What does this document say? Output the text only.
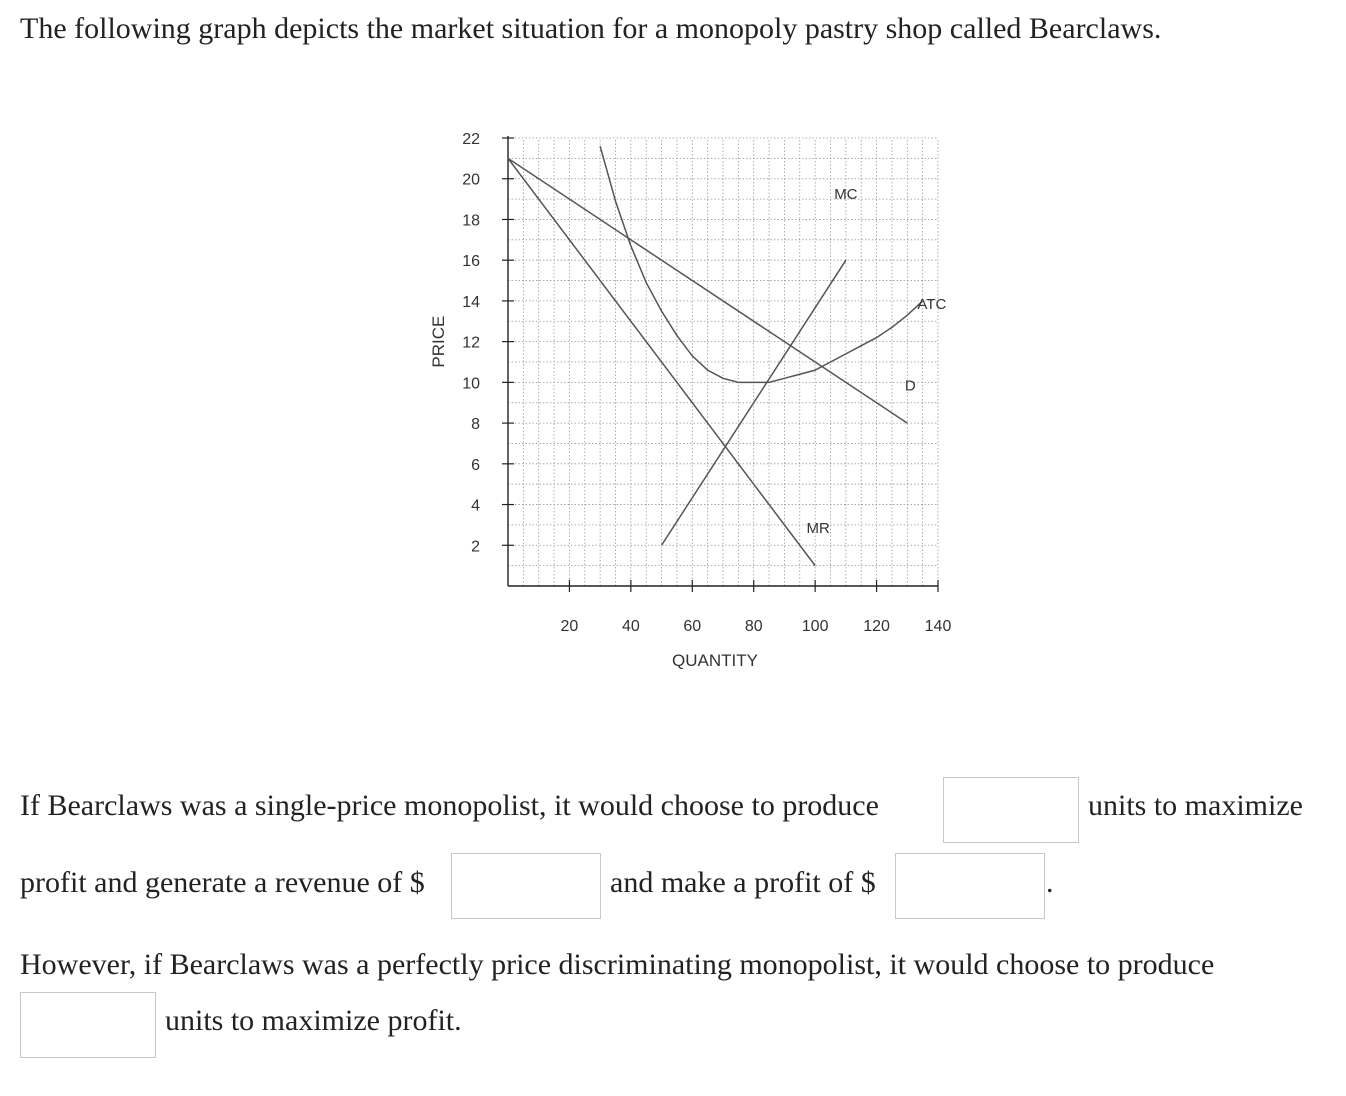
The following graph depicts the market situation for a monopoly pastry shop called Bearclaws.

2
4
6
8
10
12
14
16
18
20
22
20	40	60	80 100 120 140
QUANTITY
PRICE
MC
ATC
D
MR
If Bearclaws was a single-price monopolist, it would choose to produce	units to maximize
profit and generate a revenue of $	and make a profit of $	.
However, if Bearclaws was a perfectly price discriminating monopolist, it would choose to produce
units to maximize profit.
